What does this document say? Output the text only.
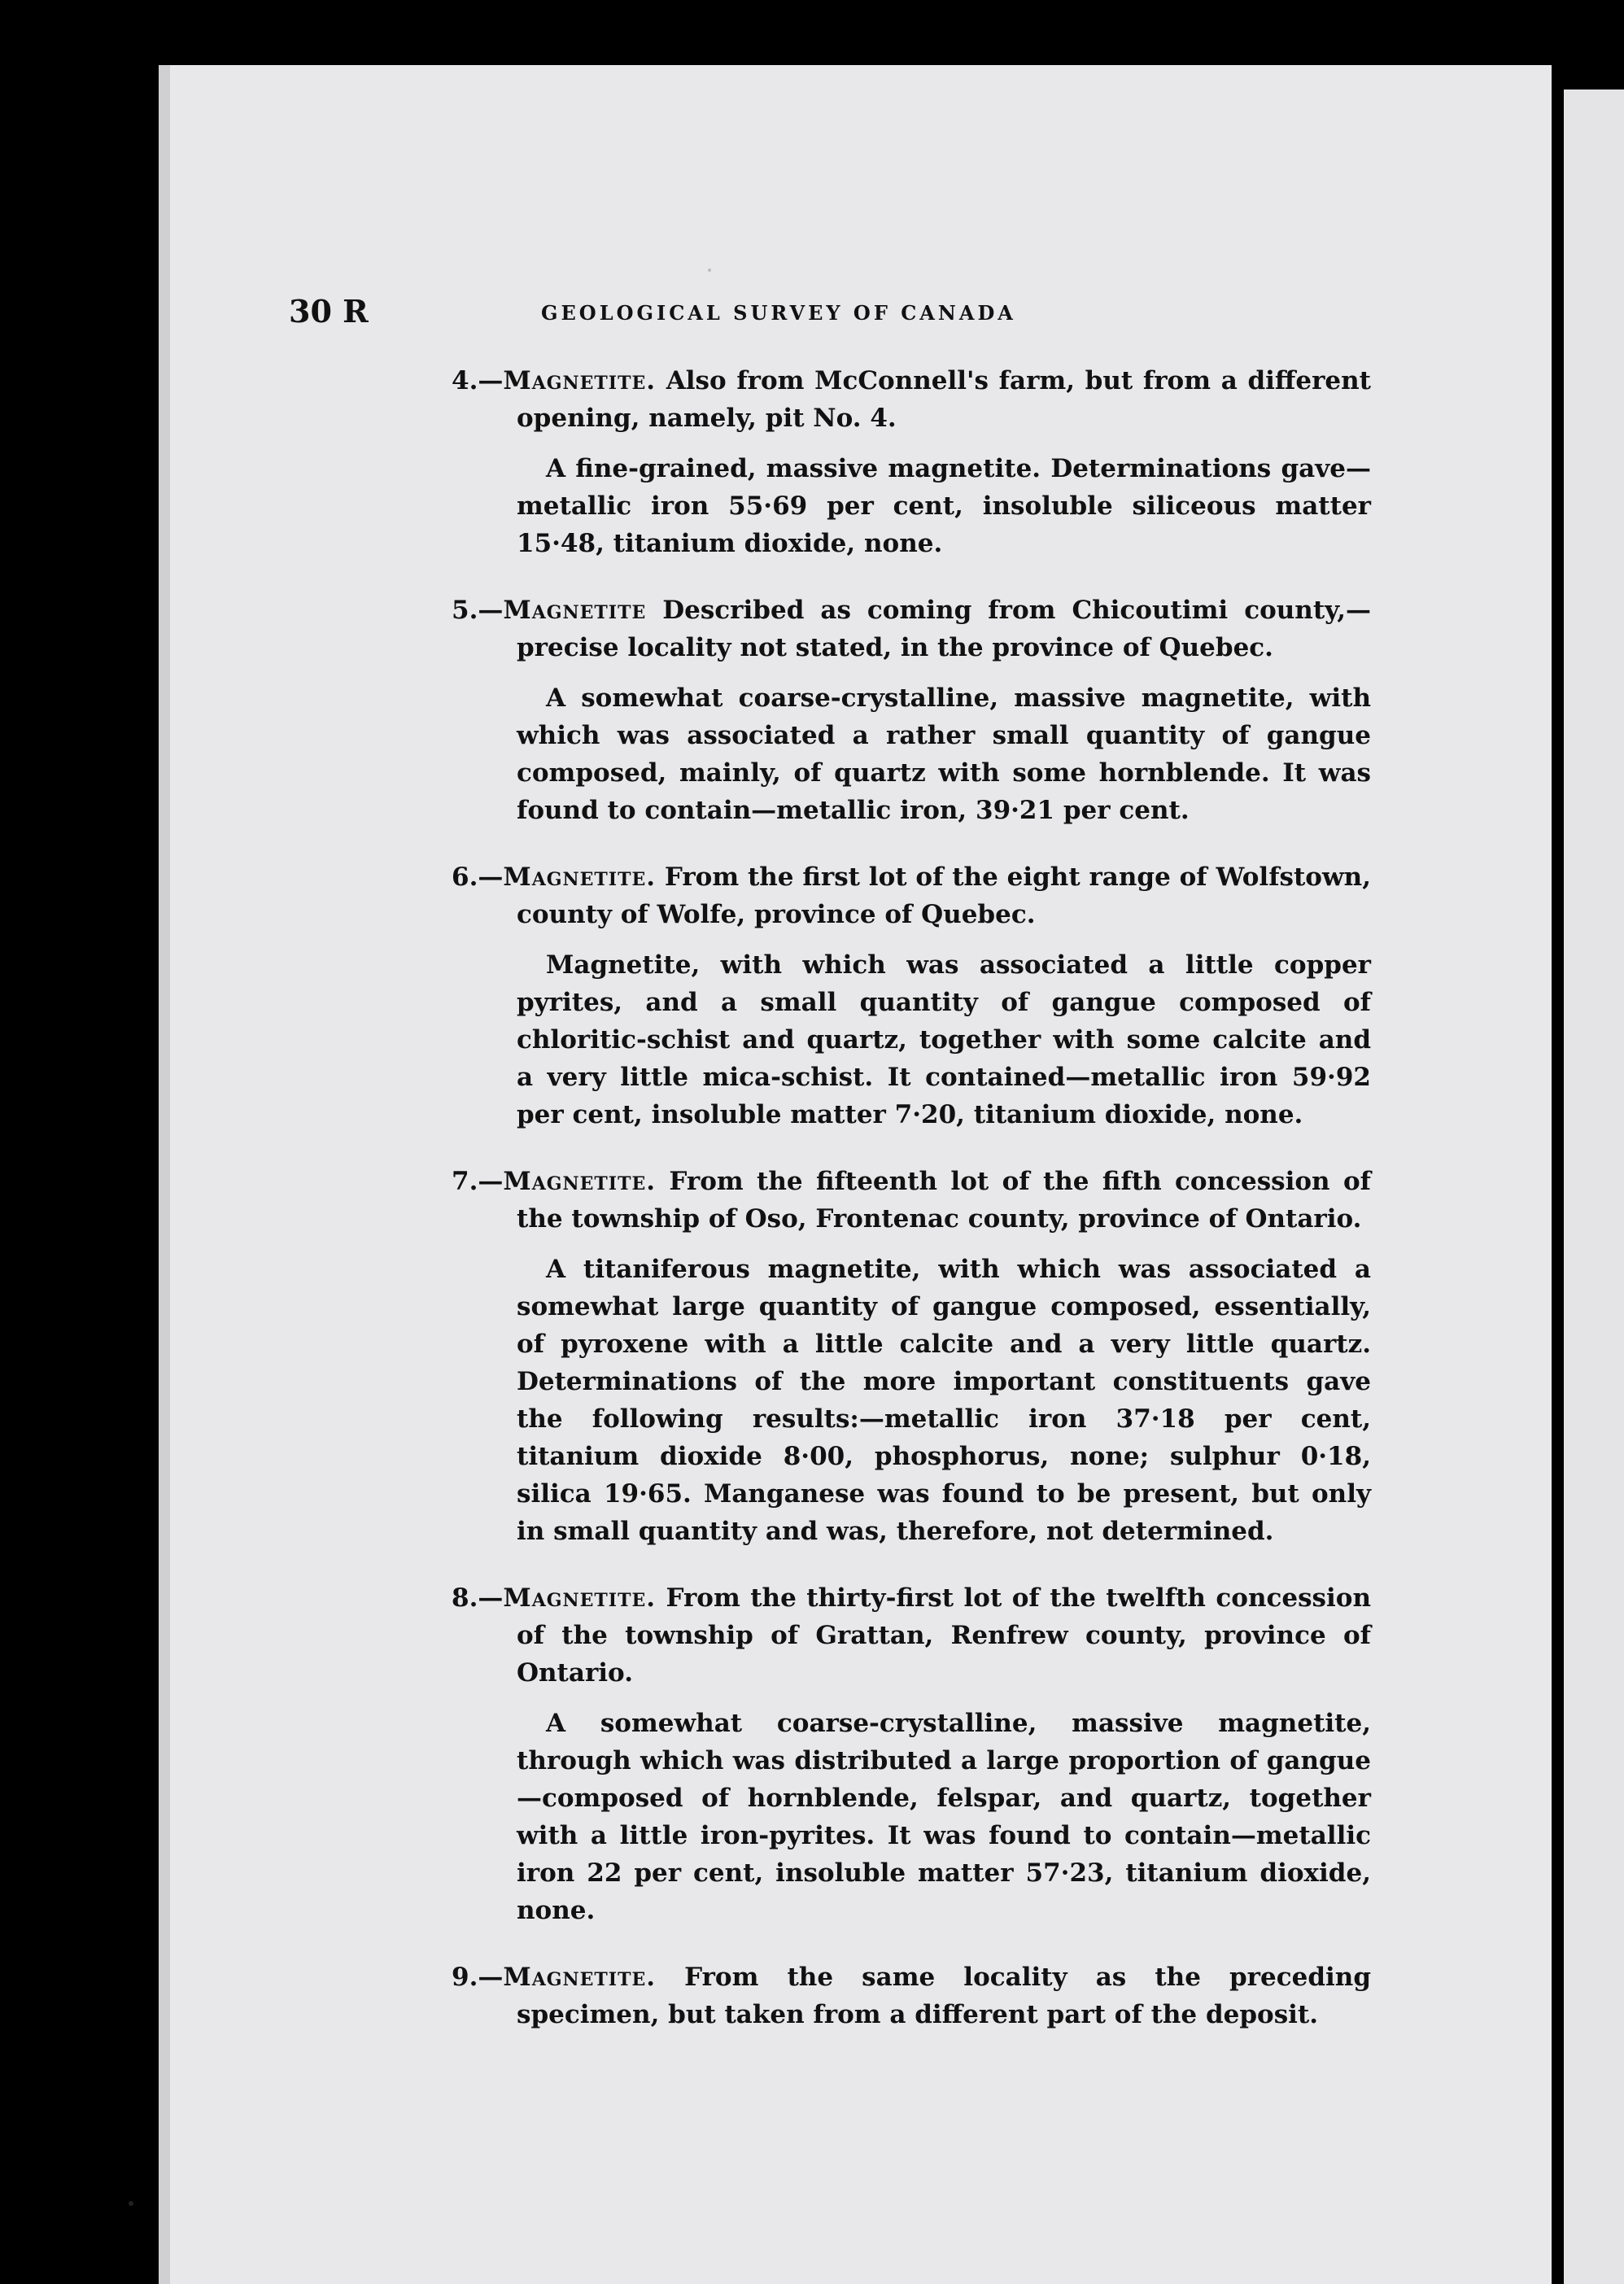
30 R	GEOLOGICAL SURVEY OF CANADA

4.—Magnetite. Also from McConnell's farm, but from a different opening, namely, pit No. 4.

A fine-grained, massive magnetite. Determinations gave—metallic iron 55·69 per cent, insoluble siliceous matter 15·48, titanium dioxide, none.

5.—Magnetite Described as coming from Chicoutimi county,—precise locality not stated, in the province of Quebec.

A somewhat coarse-crystalline, massive magnetite, with which was associated a rather small quantity of gangue composed, mainly, of quartz with some hornblende. It was found to contain—metallic iron, 39·21 per cent.

6.—Magnetite. From the first lot of the eight range of Wolfstown, county of Wolfe, province of Quebec.

Magnetite, with which was associated a little copper pyrites, and a small quantity of gangue composed of chloritic-schist and quartz, together with some calcite and a very little mica-schist. It contained—metallic iron 59·92 per cent, insoluble matter 7·20, titanium dioxide, none.

7.—Magnetite. From the fifteenth lot of the fifth concession of the township of Oso, Frontenac county, province of Ontario.

A titaniferous magnetite, with which was associated a somewhat large quantity of gangue composed, essentially, of pyroxene with a little calcite and a very little quartz. Determinations of the more important constituents gave the following results:—metallic iron 37·18 per cent, titanium dioxide 8·00, phosphorus, none; sulphur 0·18, silica 19·65. Manganese was found to be present, but only in small quantity and was, therefore, not determined.

8.—Magnetite. From the thirty-first lot of the twelfth concession of the township of Grattan, Renfrew county, province of Ontario.

A somewhat coarse-crystalline, massive magnetite, through which was distributed a large proportion of gangue—composed of hornblende, felspar, and quartz, together with a little iron-pyrites. It was found to contain—metallic iron 22 per cent, insoluble matter 57·23, titanium dioxide, none.

9.—Magnetite. From the same locality as the preceding specimen, but taken from a different part of the deposit.
